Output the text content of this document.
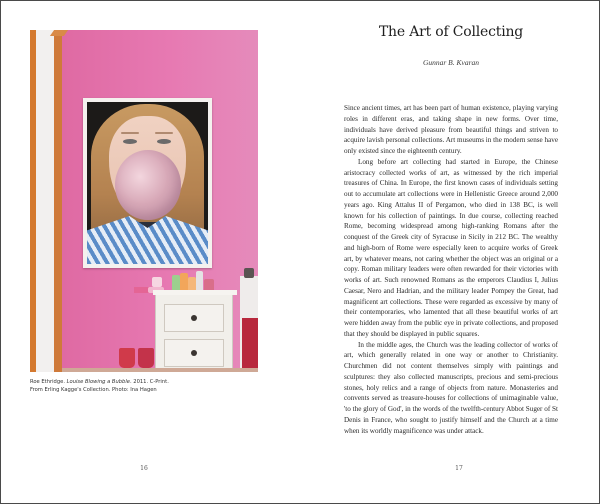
Roe Ethridge. Louise Blowing a Bubble. 2011. C-Print.
From Erling Kagge's Collection. Photo: Ina Hagen
16
The Art of Collecting
Gunnar B. Kvaran

Since ancient times, art has been part of human existence, playing varying roles in different eras, and taking shape in new forms. Over time, individuals have derived pleasure from beautiful things and striven to acquire lavish personal collections. Art museums in the modern sense have only existed since the eighteenth century.

Long before art collecting had started in Europe, the Chinese aristocracy collected works of art, as witnessed by the rich imperial treasures of China. In Europe, the first known cases of individuals setting out to accumulate art collections were in Hellenistic Greece around 2,000 years ago. King Attalus II of Pergamon, who died in 138 BC, is well known for his collection of paintings. In due course, collecting reached Rome, becoming widespread among high-ranking Romans after the conquest of the Greek city of Syracuse in Sicily in 212 BC. The wealthy and high-born of Rome were especially keen to acquire works of Greek art, by whatever means, not caring whether the object was an original or a copy. Roman military leaders were often rewarded for their victories with works of art. Such renowned Romans as the emperors Claudius I, Julius Caesar, Nero and Hadrian, and the military leader Pompey the Great, had magnificent art collections. These were regarded as excessive by many of their contemporaries, who lamented that all these beautiful works of art were hidden away from the public eye in private collections, and proposed that they should be displayed in public squares.

In the middle ages, the Church was the leading collector of works of art, which generally related in one way or another to Christianity. Churchmen did not content themselves simply with paintings and sculptures: they also collected manuscripts, precious and semi-precious stones, holy relics and a range of objects from nature. Monasteries and convents served as treasure-houses for collections of unimaginable value, 'to the glory of God', in the words of the twelfth-century Abbot Suger of St Denis in France, who sought to justify himself and the Church at a time when its worldly magnificence was under attack.

17
